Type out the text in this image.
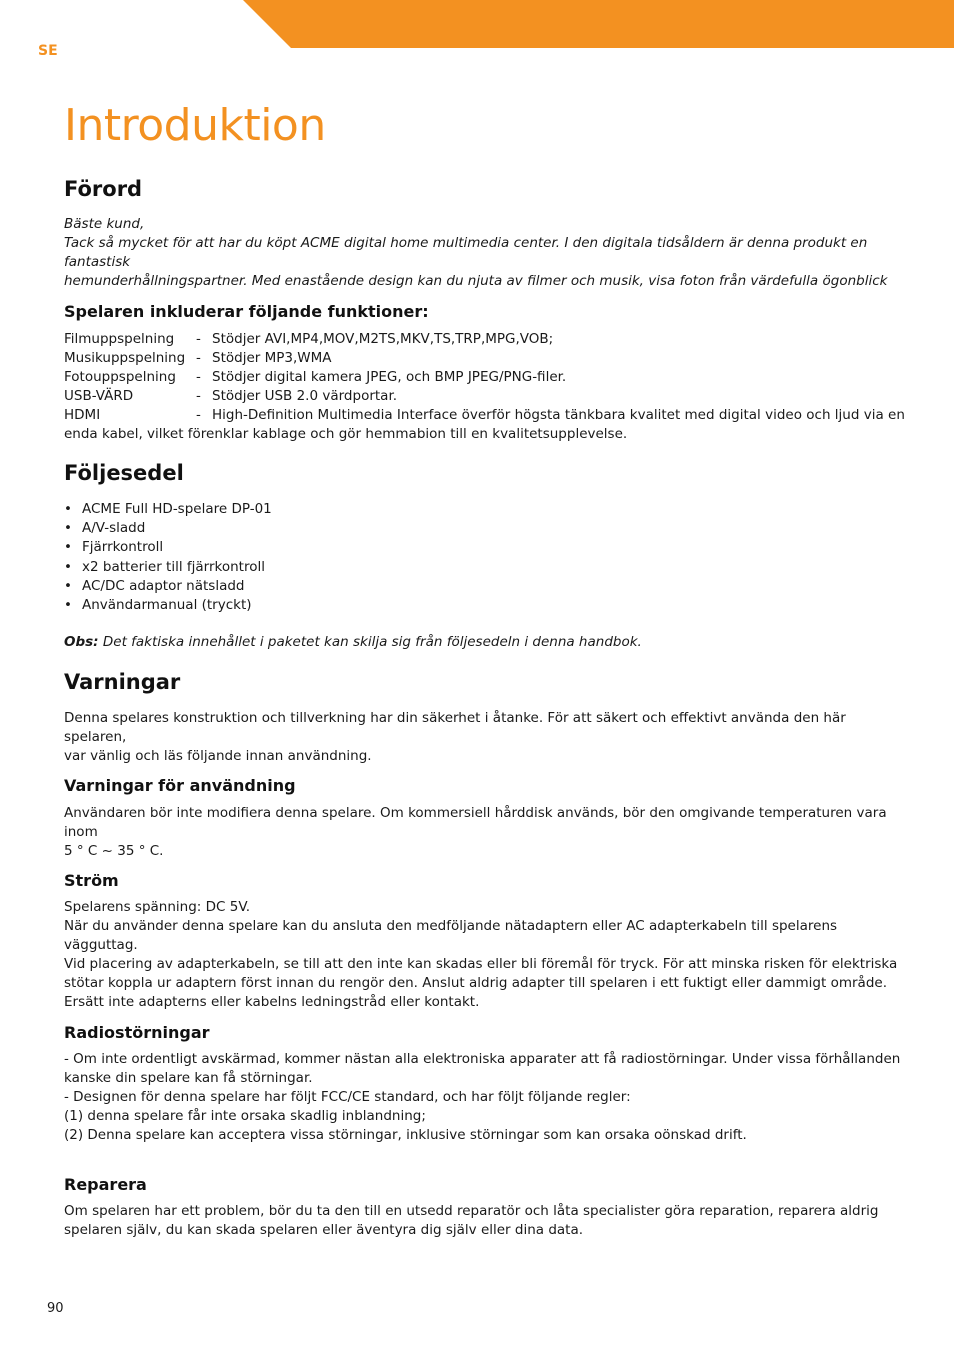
SE
Introduktion
Förord
Bäste kund,
Tack så mycket för att har du köpt ACME digital home multimedia center. I den digitala tidsåldern är denna produkt en fantastisk
hemunderhållningspartner. Med enastående design kan du njuta av filmer och musik, visa foton från värdefulla ögonblick
Spelaren inkluderar följande funktioner:
Filmuppspelning	- Stödjer AVI,MP4,MOV,M2TS,MKV,TS,TRP,MPG,VOB;
Musikuppspelning - Stödjer MP3,WMA
Fotouppspelning	- Stödjer digital kamera JPEG, och BMP JPEG/PNG-filer.
USB-VÄRD	- Stödjer USB 2.0 värdportar.
HDMI	- High-Definition Multimedia Interface överför högsta tänkbara kvalitet med digital video och ljud via en
enda kabel, vilket förenklar kablage och gör hemmabion till en kvalitetsupplevelse.
Följesedel
• ACME Full HD-spelare DP-01
• A/V-sladd
• Fjärrkontroll
• x2 batterier till fjärrkontroll
• AC/DC adaptor nätsladd
• Användarmanual (tryckt)

Obs: Det faktiska innehållet i paketet kan skilja sig från följesedeln i denna handbok.

Varningar
Denna spelares konstruktion och tillverkning har din säkerhet i åtanke. För att säkert och effektivt använda den här spelaren,
var vänlig och läs följande innan användning.
Varningar för användning
Användaren bör inte modifiera denna spelare. Om kommersiell hårddisk används, bör den omgivande temperaturen vara inom
5 ° C ~ 35 ° C.
Ström
Spelarens spänning: DC 5V.
När du använder denna spelare kan du ansluta den medföljande nätadaptern eller AC adapterkabeln till spelarens vägguttag.
Vid placering av adapterkabeln, se till att den inte kan skadas eller bli föremål för tryck. För att minska risken för elektriska
stötar koppla ur adaptern först innan du rengör den. Anslut aldrig adapter till spelaren i ett fuktigt eller dammigt område.
Ersätt inte adapterns eller kabelns ledningstråd eller kontakt.
Radiostörningar
- Om inte ordentligt avskärmad, kommer nästan alla elektroniska apparater att få radiostörningar. Under vissa förhållanden
kanske din spelare kan få störningar.
- Designen för denna spelare har följt FCC/CE standard, och har följt följande regler:
(1) denna spelare får inte orsaka skadlig inblandning;
(2) Denna spelare kan acceptera vissa störningar, inklusive störningar som kan orsaka oönskad drift.
Reparera
Om spelaren har ett problem, bör du ta den till en utsedd reparatör och låta specialister göra reparation, reparera aldrig
spelaren själv, du kan skada spelaren eller äventyra dig själv eller dina data.
90
